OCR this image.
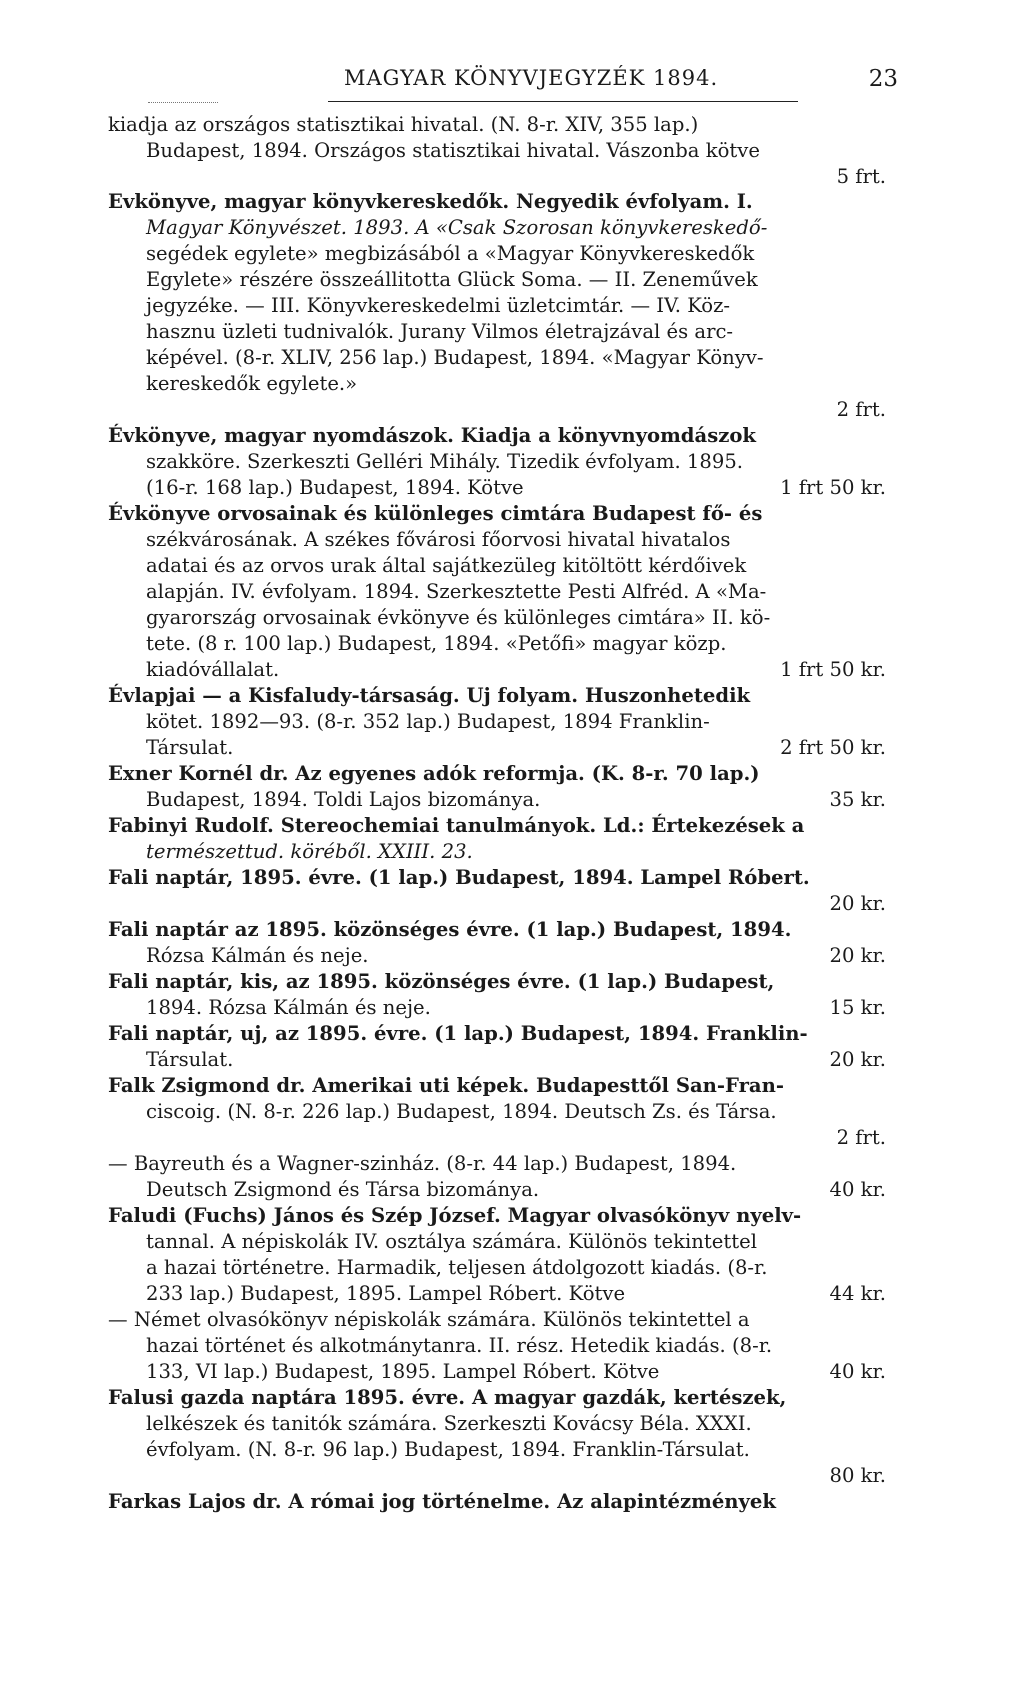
MAGYAR KÖNYVJEGYZÉK 1894.	23
kiadja az országos statisztikai hivatal. (N. 8-r. XIV, 355 lap.)
Budapest, 1894. Országos statisztikai hivatal. Vászonba kötve
5 frt.
Evkönyve, magyar könyvkereskedők. Negyedik évfolyam. I.
Magyar Könyvészet. 1893. A «Csak Szorosan könyvkereskedő-
segédek egylete» megbizásából a «Magyar Könyvkereskedők
Egylete» részére összeállitotta Glück Soma. — II. Zeneművek
jegyzéke. — III. Könyvkereskedelmi üzletcimtár. — IV. Köz-
hasznu üzleti tudnivalók. Jurany Vilmos életrajzával és arc-
képével. (8-r. XLIV, 256 lap.) Budapest, 1894. «Magyar Könyv-
kereskedők egylete.»
2 frt.
Évkönyve, magyar nyomdászok. Kiadja a könyvnyomdászok
szakköre. Szerkeszti Gelléri Mihály. Tizedik évfolyam. 1895.
(16-r. 168 lap.) Budapest, 1894. Kötve	1 frt 50 kr.
Évkönyve orvosainak és különleges cimtára Budapest fő- és
székvárosának. A székes fővárosi főorvosi hivatal hivatalos
adatai és az orvos urak által sajátkezüleg kitöltött kérdőivek
alapján. IV. évfolyam. 1894. Szerkesztette Pesti Alfréd. A «Ma-
gyarország orvosainak évkönyve és különleges cimtára» II. kö-
tete. (8 r. 100 lap.) Budapest, 1894. «Petőfi» magyar közp.
kiadóvállalat.	1 frt 50 kr.
Évlapjai — a Kisfaludy-társaság. Uj folyam. Huszonhetedik
kötet. 1892—93. (8-r. 352 lap.) Budapest, 1894 Franklin-
Társulat.	2 frt 50 kr.
Exner Kornél dr. Az egyenes adók reformja. (K. 8-r. 70 lap.)
Budapest, 1894. Toldi Lajos bizománya.	35 kr.
Fabinyi Rudolf. Stereochemiai tanulmányok. Ld.: Értekezések a
természettud. köréből. XXIII. 23.
Fali naptár, 1895. évre. (1 lap.) Budapest, 1894. Lampel Róbert.
20 kr.
Fali naptár az 1895. közönséges évre. (1 lap.) Budapest, 1894.
Rózsa Kálmán és neje.	20 kr.
Fali naptár, kis, az 1895. közönséges évre. (1 lap.) Budapest,
1894. Rózsa Kálmán és neje.	15 kr.
Fali naptár, uj, az 1895. évre. (1 lap.) Budapest, 1894. Franklin-
Társulat.	20 kr.
Falk Zsigmond dr. Amerikai uti képek. Budapesttől San-Fran-
ciscoig. (N. 8-r. 226 lap.) Budapest, 1894. Deutsch Zs. és Társa.
2 frt.
— Bayreuth és a Wagner-szinház. (8-r. 44 lap.) Budapest, 1894.
Deutsch Zsigmond és Társa bizománya.	40 kr.
Faludi (Fuchs) János és Szép József. Magyar olvasókönyv nyelv-
tannal. A népiskolák IV. osztálya számára. Különös tekintettel
a hazai történetre. Harmadik, teljesen átdolgozott kiadás. (8-r.
233 lap.) Budapest, 1895. Lampel Róbert. Kötve	44 kr.
— Német olvasókönyv népiskolák számára. Különös tekintettel a
hazai történet és alkotmánytanra. II. rész. Hetedik kiadás. (8-r.
133, VI lap.) Budapest, 1895. Lampel Róbert. Kötve	40 kr.
Falusi gazda naptára 1895. évre. A magyar gazdák, kertészek,
lelkészek és tanitók számára. Szerkeszti Kovácsy Béla. XXXI.
évfolyam. (N. 8-r. 96 lap.) Budapest, 1894. Franklin-Társulat.
80 kr.
Farkas Lajos dr. A római jog történelme. Az alapintézmények
